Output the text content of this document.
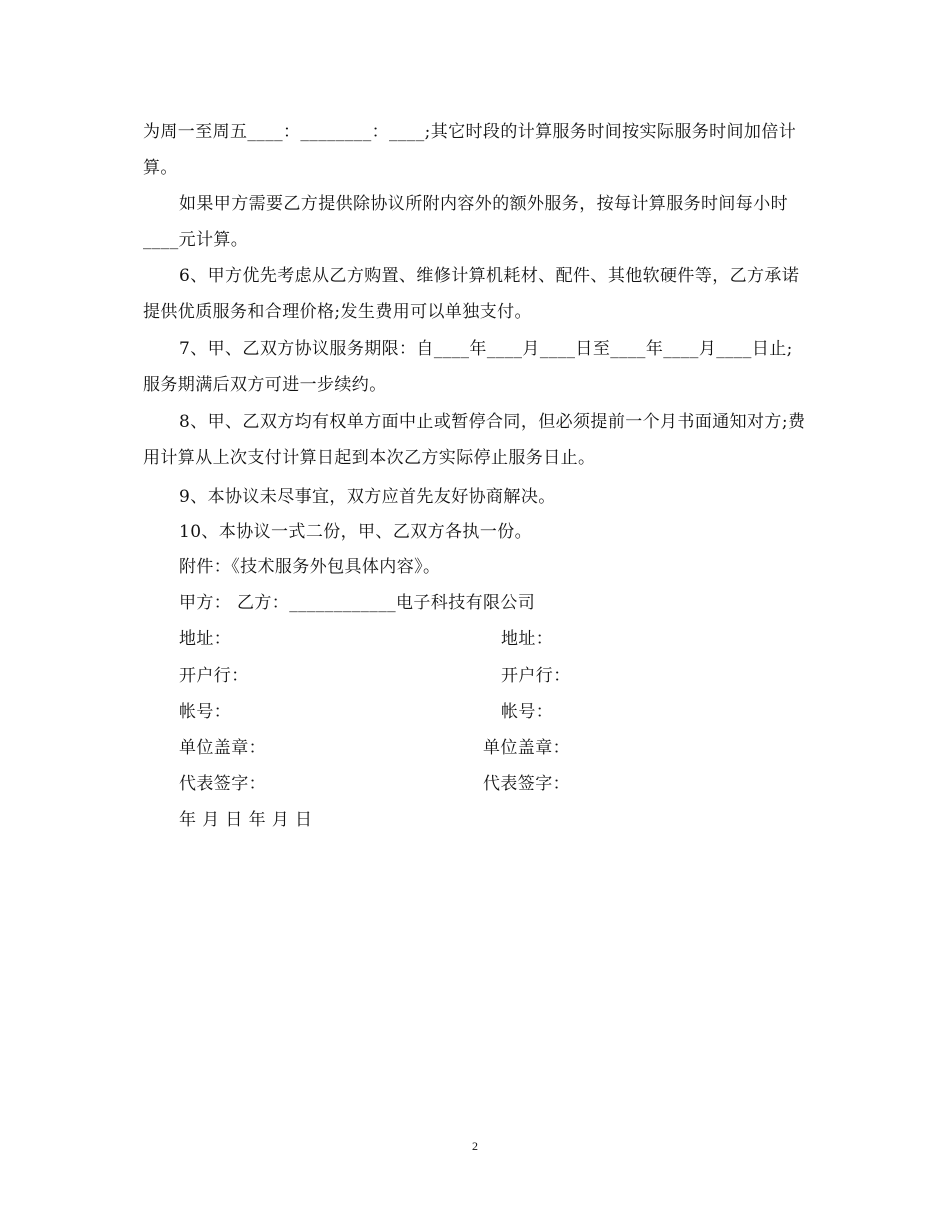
为周一至周五____：________：____;其它时段的计算服务时间按实际服务时间加倍计算。

如果甲方需要乙方提供除协议所附内容外的额外服务，按每计算服务时间每小时____元计算。

6、甲方优先考虑从乙方购置、维修计算机耗材、配件、其他软硬件等，乙方承诺提供优质服务和合理价格;发生费用可以单独支付。

7、甲、乙双方协议服务期限：自____年____月____日至____年____月____日止;服务期满后双方可进一步续约。

8、甲、乙双方均有权单方面中止或暂停合同，但必须提前一个月书面通知对方;费用计算从上次支付计算日起到本次乙方实际停止服务日止。

9、本协议未尽事宜，双方应首先友好协商解决。
10、本协议一式二份，甲、乙双方各执一份。
附件：《技术服务外包具体内容》。
甲方： 乙方：____________电子科技有限公司
地址：	地址：
开户行：	开户行：
帐号：	帐号：
单位盖章：	单位盖章：
代表签字：	代表签字：
年 月 日 年 月 日
2
